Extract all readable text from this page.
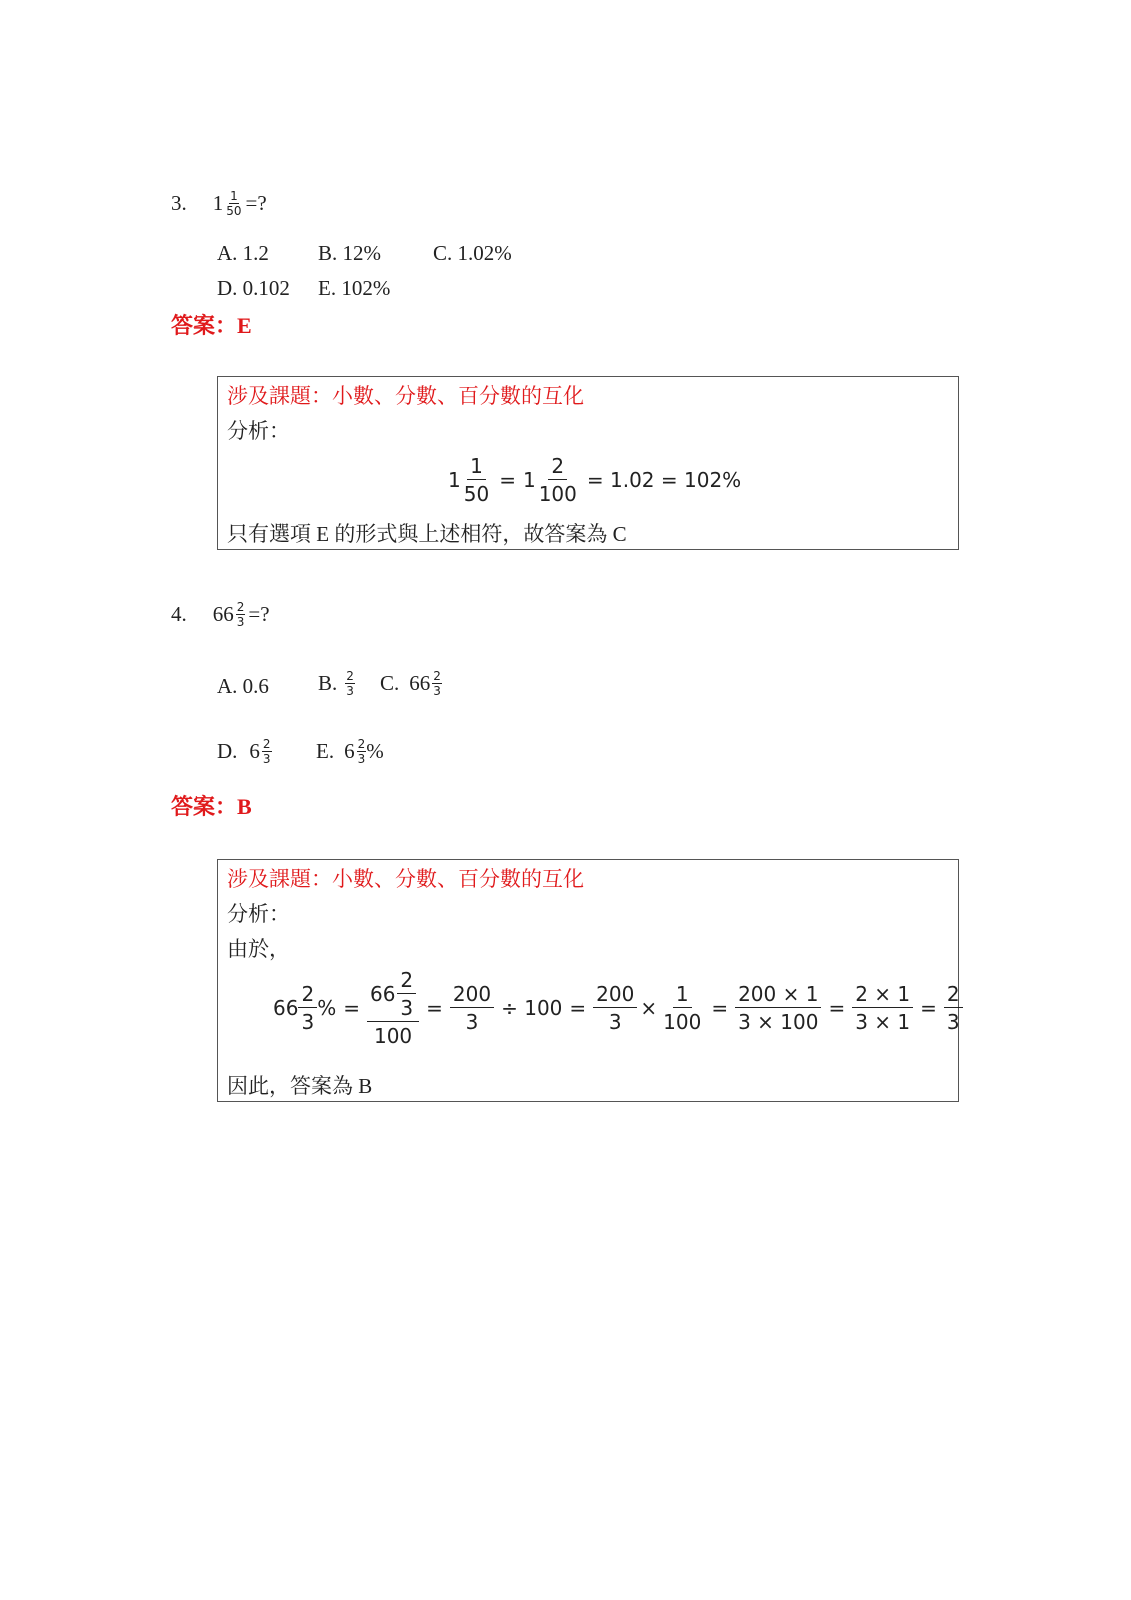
3. $1 \frac{1}{50}$ =?
A. 1.2 B. 12% C. 1.02%
D. 0.102 E. 102%
答案：E
涉及課題：小數、分數、百分數的互化
分析：
$1 \frac{1}{50} = 1 \frac{2}{100} = 1.02 = 102\%$
只有選項 E 的形式與上述相符，故答案為 C
4. $66 \frac{2}{3}$ =?
A. 0.6 B. $\frac{2}{3} C$. $66 \frac{2}{3}$
D. $6 \frac{2}{3} E$. $6 \frac{2}{3}$ %
答案：B
涉及課題：小數、分數、百分數的互化
分析：
由於，
$66 \frac{2}{3}$ % = $\frac{66 \frac{2}{3}}{100} = \frac{200}{3} \div 100 = \frac{200}{3} \times \frac{1}{100} = \frac{200 \times 1}{3 \times 100} = \frac{2 \times 1}{3 \times 1} = \frac{2}{3}$
因此，答案為 B
